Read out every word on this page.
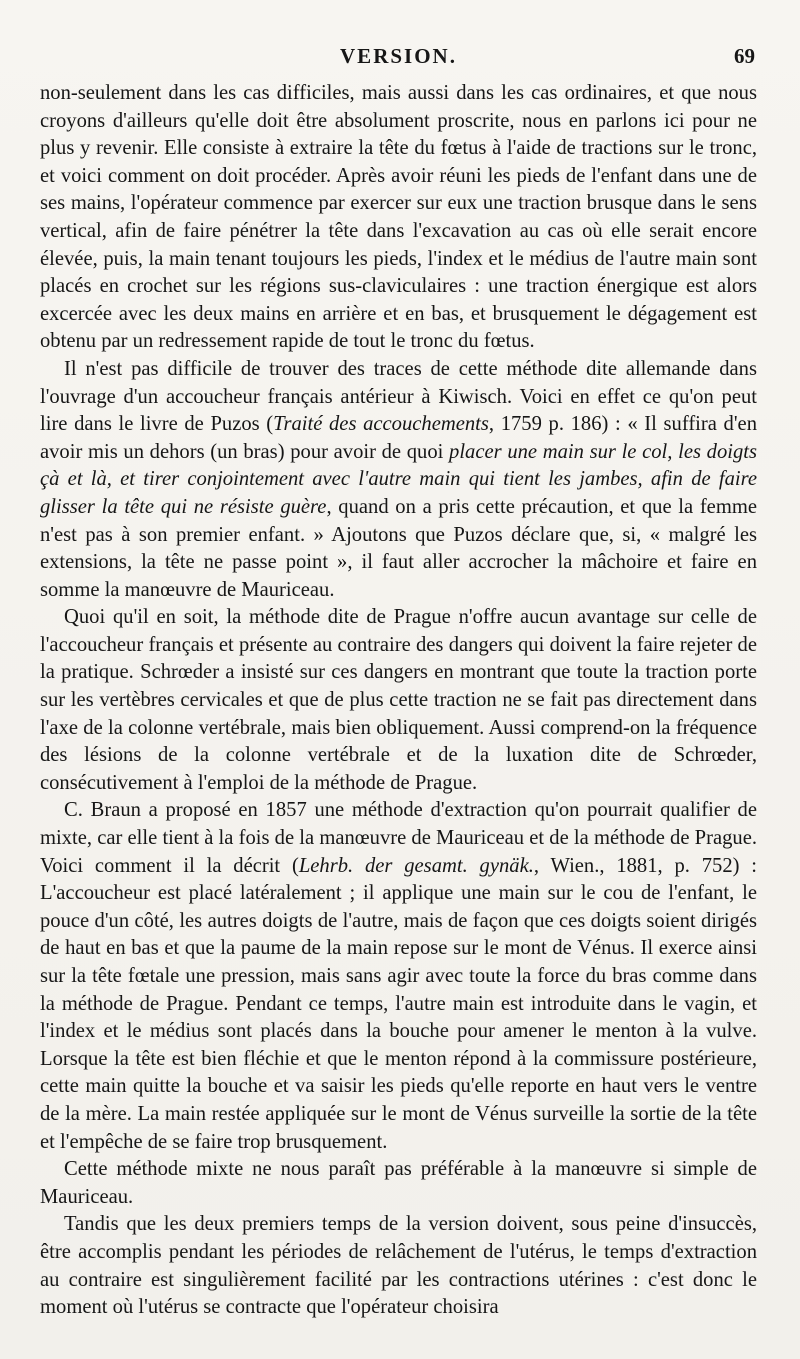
VERSION.	69

non-seulement dans les cas difficiles, mais aussi dans les cas ordinaires, et que nous croyons d'ailleurs qu'elle doit être absolument proscrite, nous en parlons ici pour ne plus y revenir. Elle consiste à extraire la tête du fœtus à l'aide de tractions sur le tronc, et voici comment on doit procéder. Après avoir réuni les pieds de l'enfant dans une de ses mains, l'opérateur commence par exercer sur eux une traction brusque dans le sens vertical, afin de faire pénétrer la tête dans l'excavation au cas où elle serait encore élevée, puis, la main tenant toujours les pieds, l'index et le médius de l'autre main sont placés en crochet sur les régions sus-claviculaires : une traction énergique est alors excercée avec les deux mains en arrière et en bas, et brusquement le dégagement est obtenu par un redressement rapide de tout le tronc du fœtus.

Il n'est pas difficile de trouver des traces de cette méthode dite allemande dans l'ouvrage d'un accoucheur français antérieur à Kiwisch. Voici en effet ce qu'on peut lire dans le livre de Puzos (Traité des accouchements, 1759 p. 186) : « Il suffira d'en avoir mis un dehors (un bras) pour avoir de quoi placer une main sur le col, les doigts çà et là, et tirer conjointement avec l'autre main qui tient les jambes, afin de faire glisser la tête qui ne résiste guère, quand on a pris cette précaution, et que la femme n'est pas à son premier enfant. » Ajoutons que Puzos déclare que, si, « malgré les extensions, la tête ne passe point », il faut aller accrocher la mâchoire et faire en somme la manœuvre de Mauriceau.

Quoi qu'il en soit, la méthode dite de Prague n'offre aucun avantage sur celle de l'accoucheur français et présente au contraire des dangers qui doivent la faire rejeter de la pratique. Schrœder a insisté sur ces dangers en montrant que toute la traction porte sur les vertèbres cervicales et que de plus cette traction ne se fait pas directement dans l'axe de la colonne vertébrale, mais bien obliquement. Aussi comprend-on la fréquence des lésions de la colonne vertébrale et de la luxation dite de Schrœder, consécutivement à l'emploi de la méthode de Prague.

C. Braun a proposé en 1857 une méthode d'extraction qu'on pourrait qualifier de mixte, car elle tient à la fois de la manœuvre de Mauriceau et de la méthode de Prague. Voici comment il la décrit (Lehrb. der gesamt. gynäk., Wien., 1881, p. 752) : L'accoucheur est placé latéralement ; il applique une main sur le cou de l'enfant, le pouce d'un côté, les autres doigts de l'autre, mais de façon que ces doigts soient dirigés de haut en bas et que la paume de la main repose sur le mont de Vénus. Il exerce ainsi sur la tête fœtale une pression, mais sans agir avec toute la force du bras comme dans la méthode de Prague. Pendant ce temps, l'autre main est introduite dans le vagin, et l'index et le médius sont placés dans la bouche pour amener le menton à la vulve. Lorsque la tête est bien fléchie et que le menton répond à la commissure postérieure, cette main quitte la bouche et va saisir les pieds qu'elle reporte en haut vers le ventre de la mère. La main restée appliquée sur le mont de Vénus surveille la sortie de la tête et l'empêche de se faire trop brusquement.

Cette méthode mixte ne nous paraît pas préférable à la manœuvre si simple de Mauriceau.

Tandis que les deux premiers temps de la version doivent, sous peine d'insuccès, être accomplis pendant les périodes de relâchement de l'utérus, le temps d'extraction au contraire est singulièrement facilité par les contractions utérines : c'est donc le moment où l'utérus se contracte que l'opérateur choisira
